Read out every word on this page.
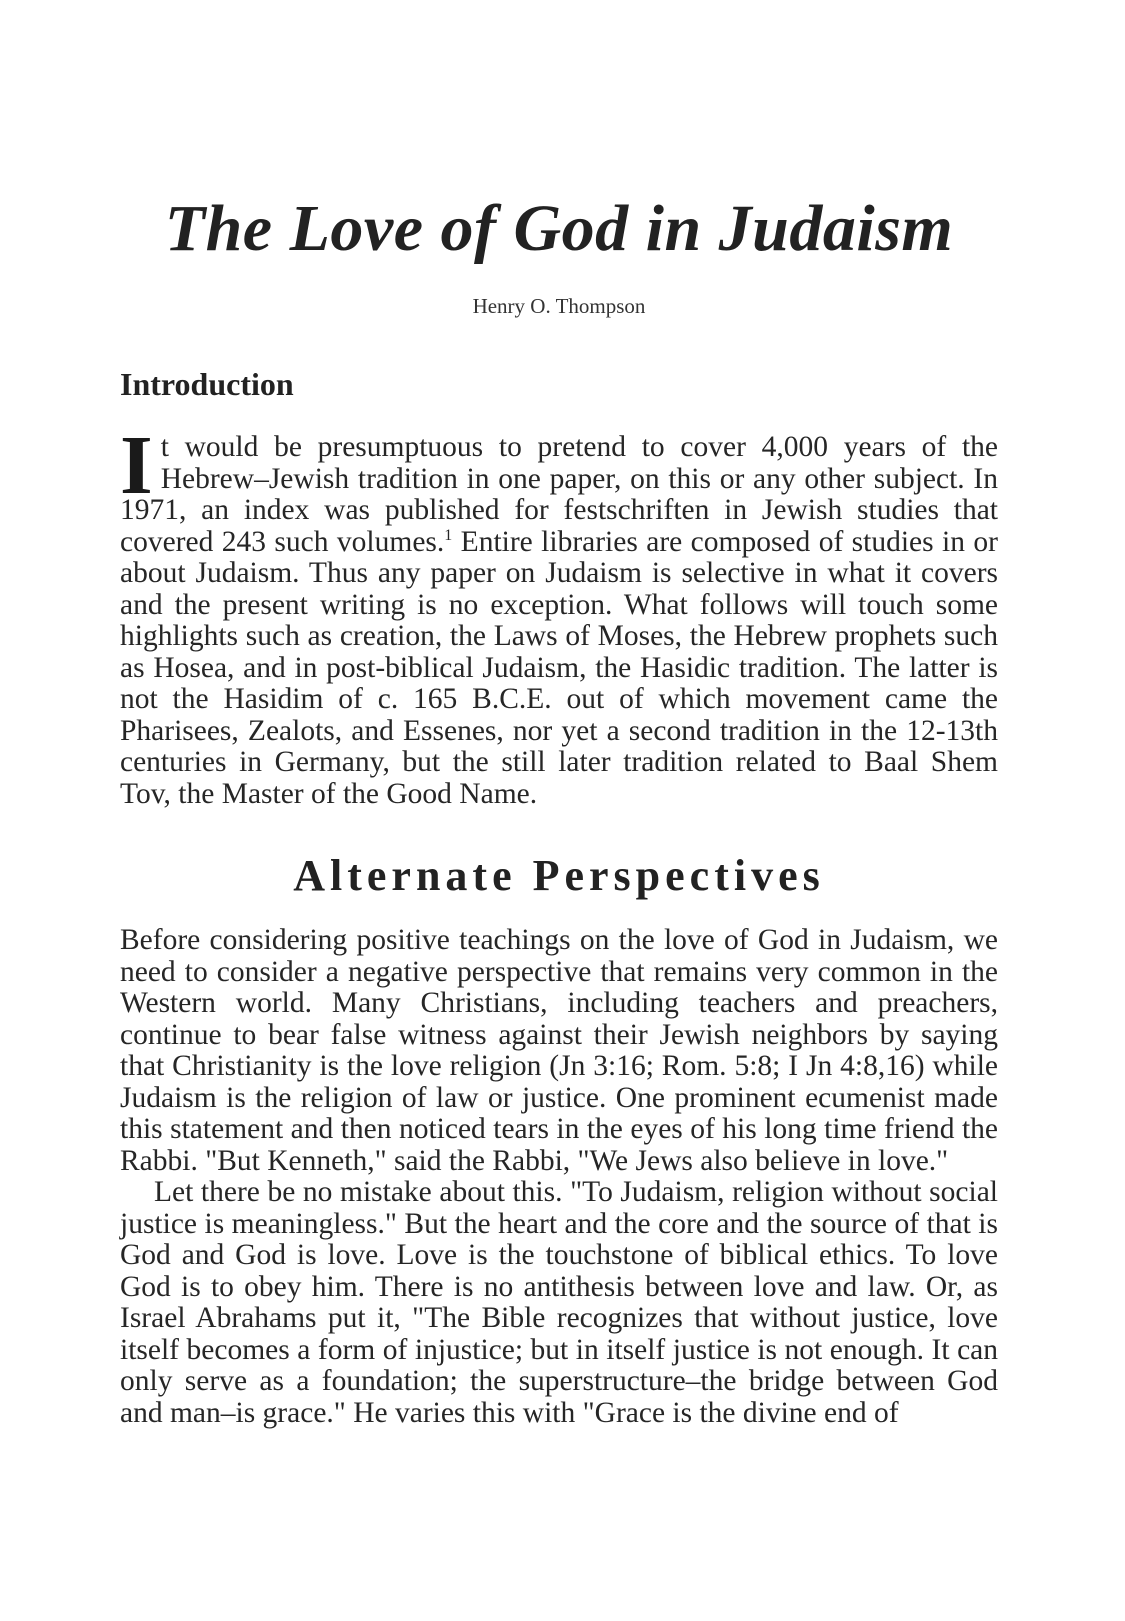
The Love of God in Judaism

Henry O. Thompson

Introduction

It would be presumptuous to pretend to cover 4,000 years of the Hebrew–Jewish tradition in one paper, on this or any other subject. In 1971, an index was published for festschriften in Jewish studies that covered 243 such volumes.$^1$ Entire libraries are composed of studies in or about Judaism. Thus any paper on Judaism is selective in what it covers and the present writing is no exception. What follows will touch some highlights such as creation, the Laws of Moses, the Hebrew prophets such as Hosea, and in post-biblical Judaism, the Hasidic tradition. The latter is not the Hasidim of c. 165 B.C.E. out of which movement came the Pharisees, Zealots, and Essenes, nor yet a second tradition in the 12-13th centuries in Germany, but the still later tradition related to Baal Shem Tov, the Master of the Good Name.

Alternate Perspectives

Before considering positive teachings on the love of God in Judaism, we need to consider a negative perspective that remains very common in the Western world. Many Christians, including teachers and preachers, continue to bear false witness against their Jewish neighbors by saying that Christianity is the love religion (Jn 3:16; Rom. 5:8; I Jn 4:8,16) while Judaism is the religion of law or justice. One prominent ecumenist made this statement and then noticed tears in the eyes of his long time friend the Rabbi. "But Kenneth," said the Rabbi, "We Jews also believe in love."

Let there be no mistake about this. "To Judaism, religion without social justice is meaningless." But the heart and the core and the source of that is God and God is love. Love is the touchstone of biblical ethics. To love God is to obey him. There is no antithesis between love and law. Or, as Israel Abrahams put it, "The Bible recognizes that without justice, love itself becomes a form of injustice; but in itself justice is not enough. It can only serve as a foundation; the superstructure–the bridge between God and man–is grace." He varies this with "Grace is the divine end of
